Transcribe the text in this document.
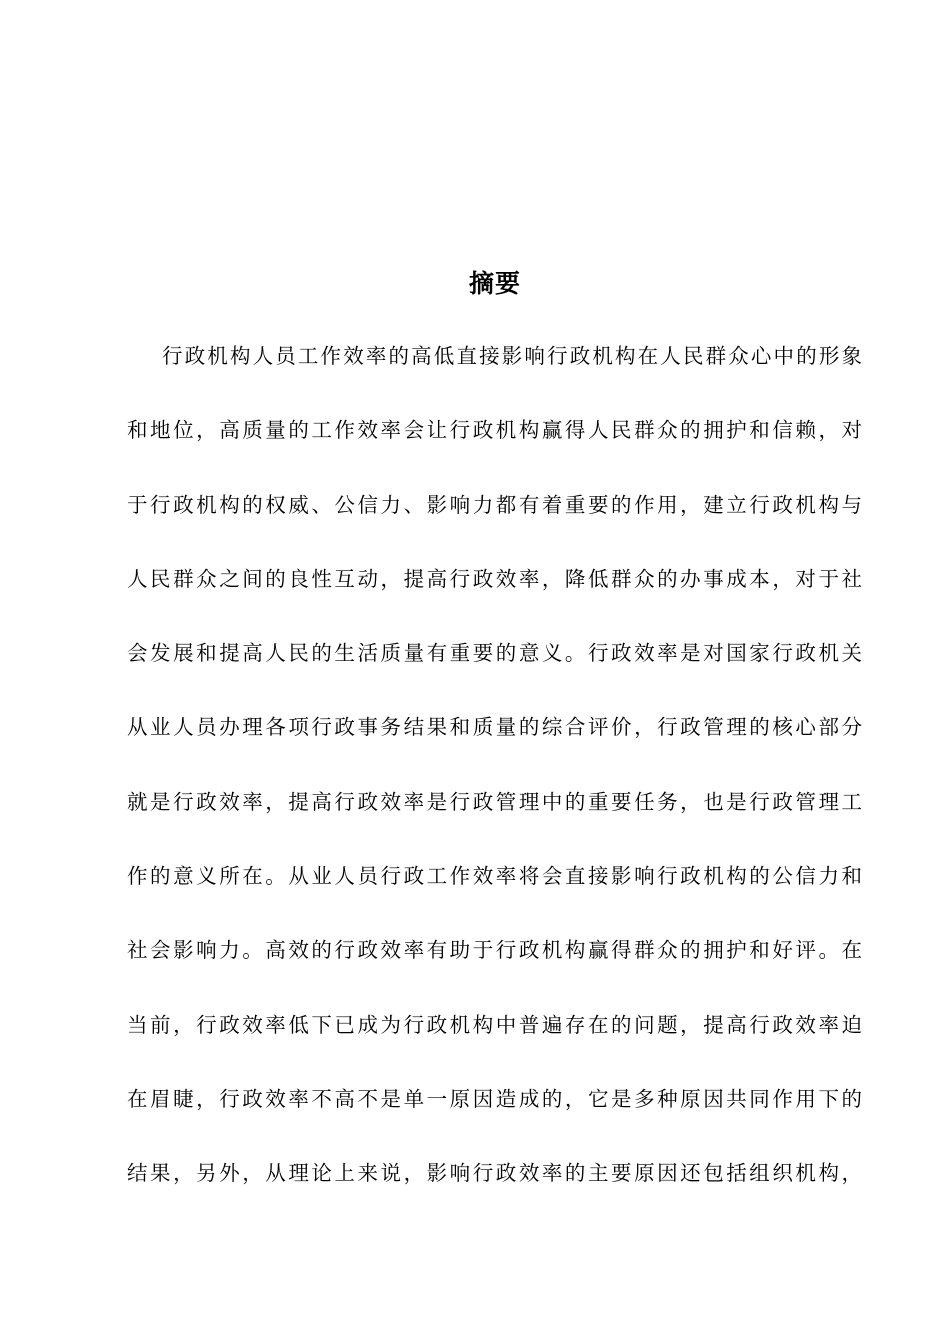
摘要
行政机构人员工作效率的高低直接影响行政机构在人民群众心中的形象
和地位，高质量的工作效率会让行政机构赢得人民群众的拥护和信赖，对
于行政机构的权威、公信力、影响力都有着重要的作用，建立行政机构与
人民群众之间的良性互动，提高行政效率，降低群众的办事成本，对于社
会发展和提高人民的生活质量有重要的意义。行政效率是对国家行政机关
从业人员办理各项行政事务结果和质量的综合评价，行政管理的核心部分
就是行政效率，提高行政效率是行政管理中的重要任务，也是行政管理工
作的意义所在。从业人员行政工作效率将会直接影响行政机构的公信力和
社会影响力。高效的行政效率有助于行政机构赢得群众的拥护和好评。在
当前，行政效率低下已成为行政机构中普遍存在的问题，提高行政效率迫
在眉睫，行政效率不高不是单一原因造成的，它是多种原因共同作用下的
结果，另外，从理论上来说，影响行政效率的主要原因还包括组织机构，
